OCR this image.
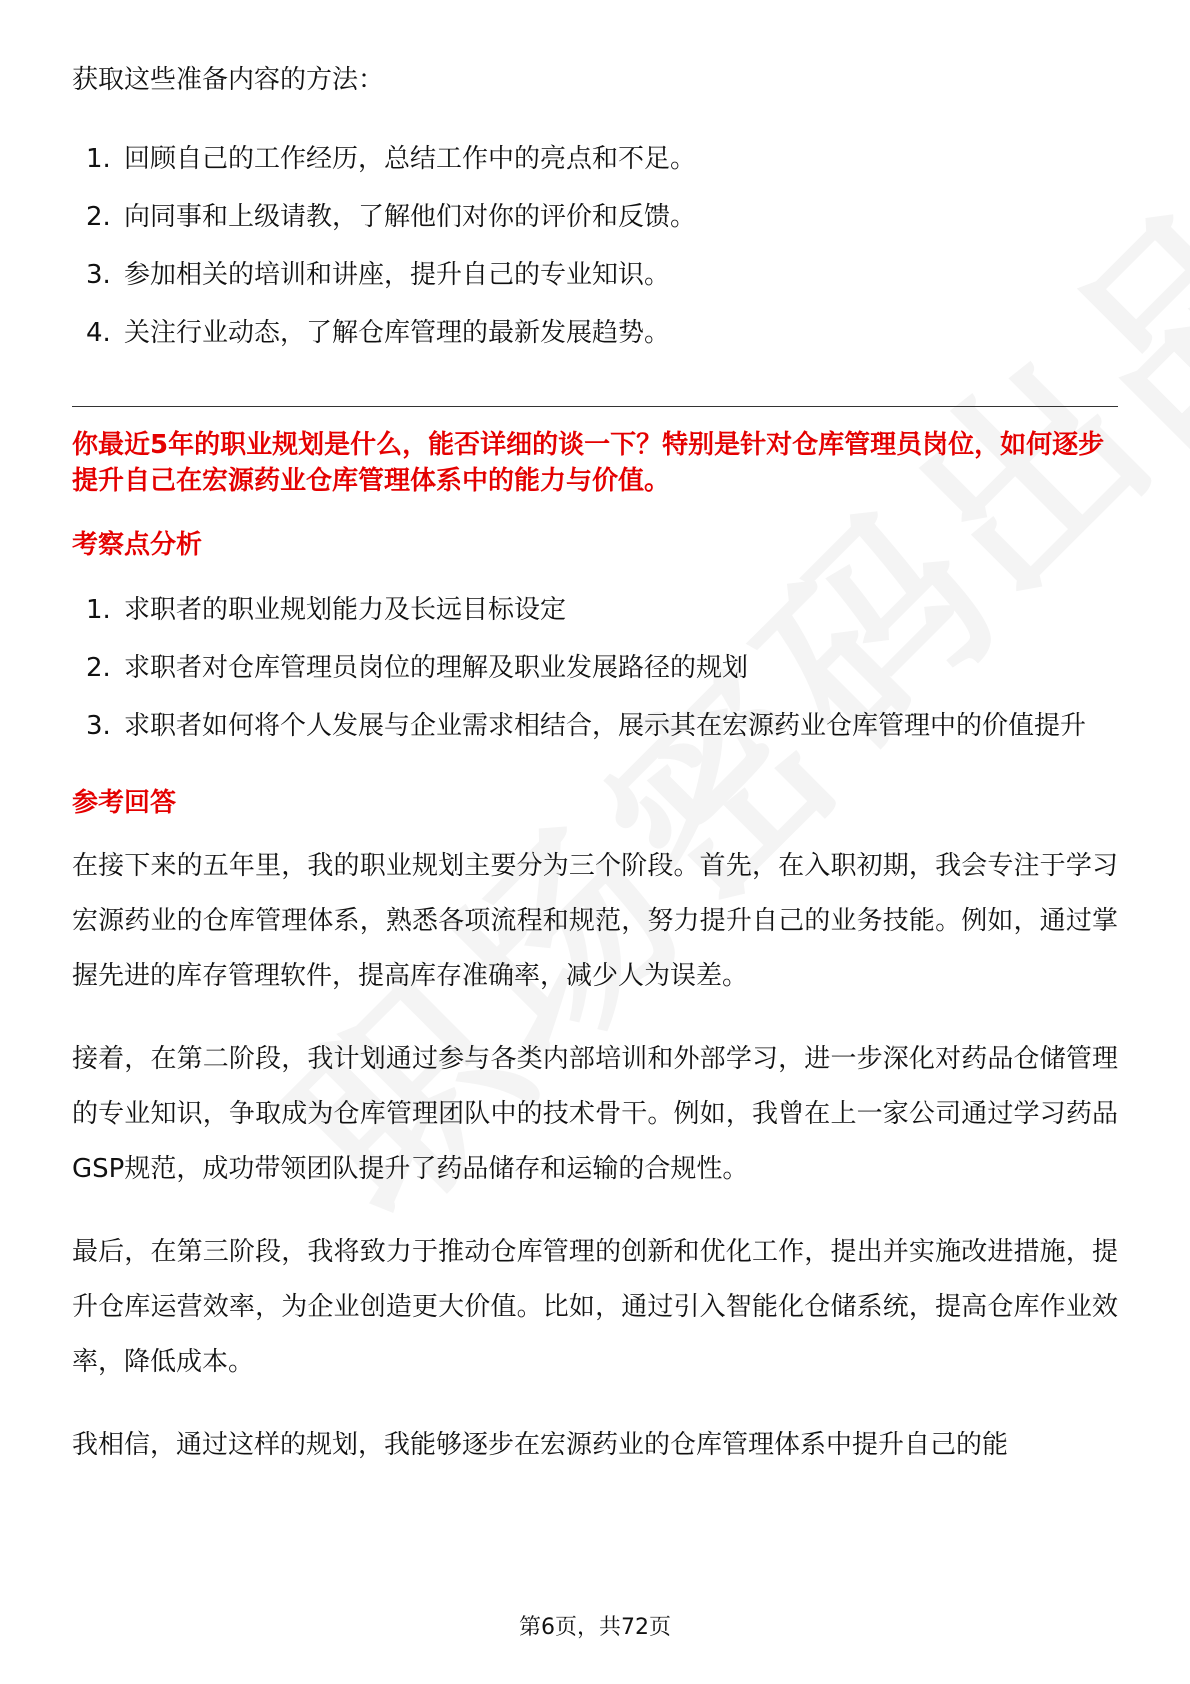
获取这些准备内容的方法：

1. 回顾自己的工作经历，总结工作中的亮点和不足。
2. 向同事和上级请教，了解他们对你的评价和反馈。
3. 参加相关的培训和讲座，提升自己的专业知识。
4. 关注行业动态，了解仓库管理的最新发展趋势。

你最近5年的职业规划是什么，能否详细的谈一下？特别是针对仓库管理员岗位，如何逐步提升自己在宏源药业仓库管理体系中的能力与价值。

考察点分析

1. 求职者的职业规划能力及长远目标设定
2. 求职者对仓库管理员岗位的理解及职业发展路径的规划
3. 求职者如何将个人发展与企业需求相结合，展示其在宏源药业仓库管理中的价值提升

参考回答

在接下来的五年里，我的职业规划主要分为三个阶段。首先，在入职初期，我会专注于学习宏源药业的仓库管理体系，熟悉各项流程和规范，努力提升自己的业务技能。例如，通过掌握先进的库存管理软件，提高库存准确率，减少人为误差。

接着，在第二阶段，我计划通过参与各类内部培训和外部学习，进一步深化对药品仓储管理的专业知识，争取成为仓库管理团队中的技术骨干。例如，我曾在上一家公司通过学习药品GSP规范，成功带领团队提升了药品储存和运输的合规性。

最后，在第三阶段，我将致力于推动仓库管理的创新和优化工作，提出并实施改进措施，提升仓库运营效率，为企业创造更大价值。比如，通过引入智能化仓储系统，提高仓库作业效率，降低成本。

我相信，通过这样的规划，我能够逐步在宏源药业的仓库管理体系中提升自己的能

第6页，共72页
